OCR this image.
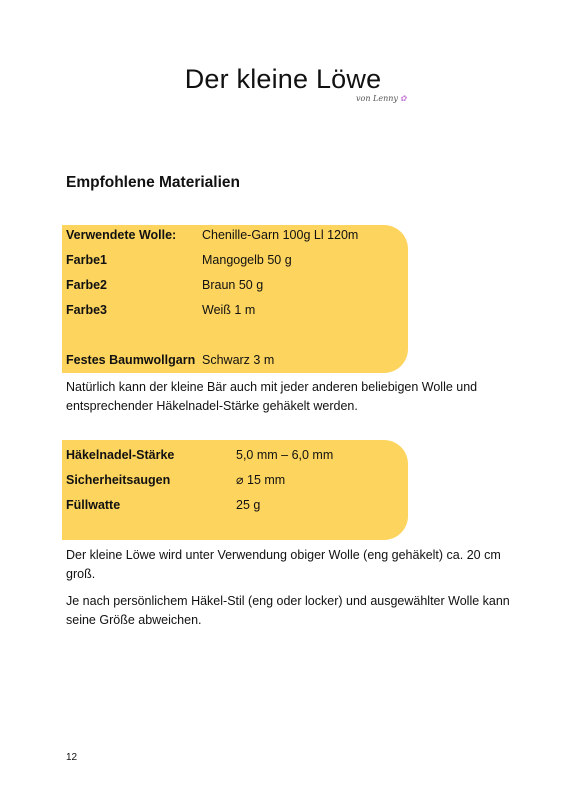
Der kleine Löwe
von Lenny ✿
Empfohlene Materialien
Verwendete Wolle: Chenille-Garn 100g Ll 120m
Farbe1	Mangogelb 50 g
Farbe2	Braun 50 g
Farbe3	Weiß 1 m
Festes Baumwollgarn Schwarz 3 m
Natürlich kann der kleine Bär auch mit jeder anderen beliebigen Wolle und entsprechender Häkelnadel-Stärke gehäkelt werden.
Häkelnadel-Stärke	5,0 mm – 6,0 mm
Sicherheitsaugen	⌀ 15 mm
Füllwatte	25 g
Der kleine Löwe wird unter Verwendung obiger Wolle (eng gehäkelt) ca. 20 cm groß.
Je nach persönlichem Häkel-Stil (eng oder locker) und ausgewählter Wolle kann seine Größe abweichen.
12
